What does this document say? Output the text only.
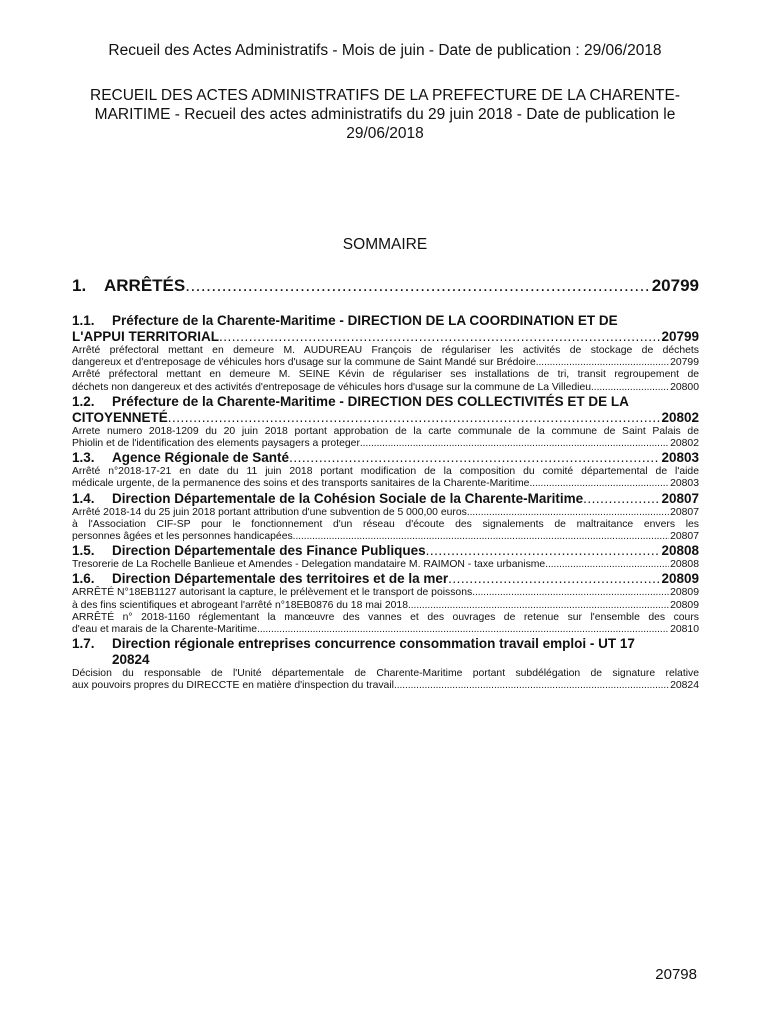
Recueil des Actes Administratifs - Mois de juin - Date de publication : 29/06/2018
RECUEIL DES ACTES ADMINISTRATIFS DE LA PREFECTURE DE LA CHARENTE-
MARITIME - Recueil des actes administratifs du 29 juin 2018 - Date de publication le
29/06/2018
SOMMAIRE
1.	ARRÊTÉS .....	20799
1.1. Préfecture de la Charente-Maritime - DIRECTION DE LA COORDINATION ET DE
L'APPUI TERRITORIAL .....	20799
Arrêté préfectoral mettant en demeure M. AUDUREAU François de régulariser les activités de stockage de déchets
dangereux et d'entreposage de véhicules hors d'usage sur la commune de Saint Mandé sur Brédoire .....	20799
Arrêté préfectoral mettant en demeure M. SEINE Kévin de régulariser ses installations de tri, transit regroupement de
déchets non dangereux et des activités d'entreposage de véhicules hors d'usage sur la commune de La Villedieu .....	20800
1.2. Préfecture de la Charente-Maritime - DIRECTION DES COLLECTIVITÉS ET DE LA
CITOYENNETÉ .....	20802
Arrete numero 2018-1209 du 20 juin 2018 portant approbation de la carte communale de la commune de Saint Palais de
Phiolin et de l'identification des elements paysagers a proteger .....	20802
1.3.	Agence Régionale de Santé .....	20803
Arrêté n°2018-17-21 en date du 11 juin 2018 portant modification de la composition du comité départemental de l'aide
médicale urgente, de la permanence des soins et des transports sanitaires de la Charente-Maritime .....	20803
1.4.	Direction Départementale de la Cohésion Sociale de la Charente-Maritime .....	20807
Arrêté 2018-14 du 25 juin 2018 portant attribution d'une subvention de 5 000,00 euros .....	20807
à l'Association CIF-SP pour le fonctionnement d'un réseau d'écoute des signalements de maltraitance envers les
personnes âgées et les personnes handicapées .....	20807
1.5.	Direction Départementale des Finance Publiques .....	20808
Tresorerie de La Rochelle Banlieue et Amendes - Delegation mandataire M. RAIMON - taxe urbanisme .....	20808
1.6.	Direction Départementale des territoires et de la mer .....	20809
ARRÊTÉ N°18EB1127 autorisant la capture, le prélèvement et le transport de poissons .....	20809
à des fins scientifiques et abrogeant l'arrêté n°18EB0876 du 18 mai 2018 .....	20809
ARRÊTÉ n° 2018-1160 réglementant la manœuvre des vannes et des ouvrages de retenue sur l'ensemble des cours
d'eau et marais de la Charente-Maritime .....	20810
1.7. Direction régionale entreprises concurrence consommation travail emploi - UT 17
20824
Décision du responsable de l'Unité départementale de Charente-Maritime portant subdélégation de signature relative
aux pouvoirs propres du DIRECCTE en matière d'inspection du travail .....	20824
20798
